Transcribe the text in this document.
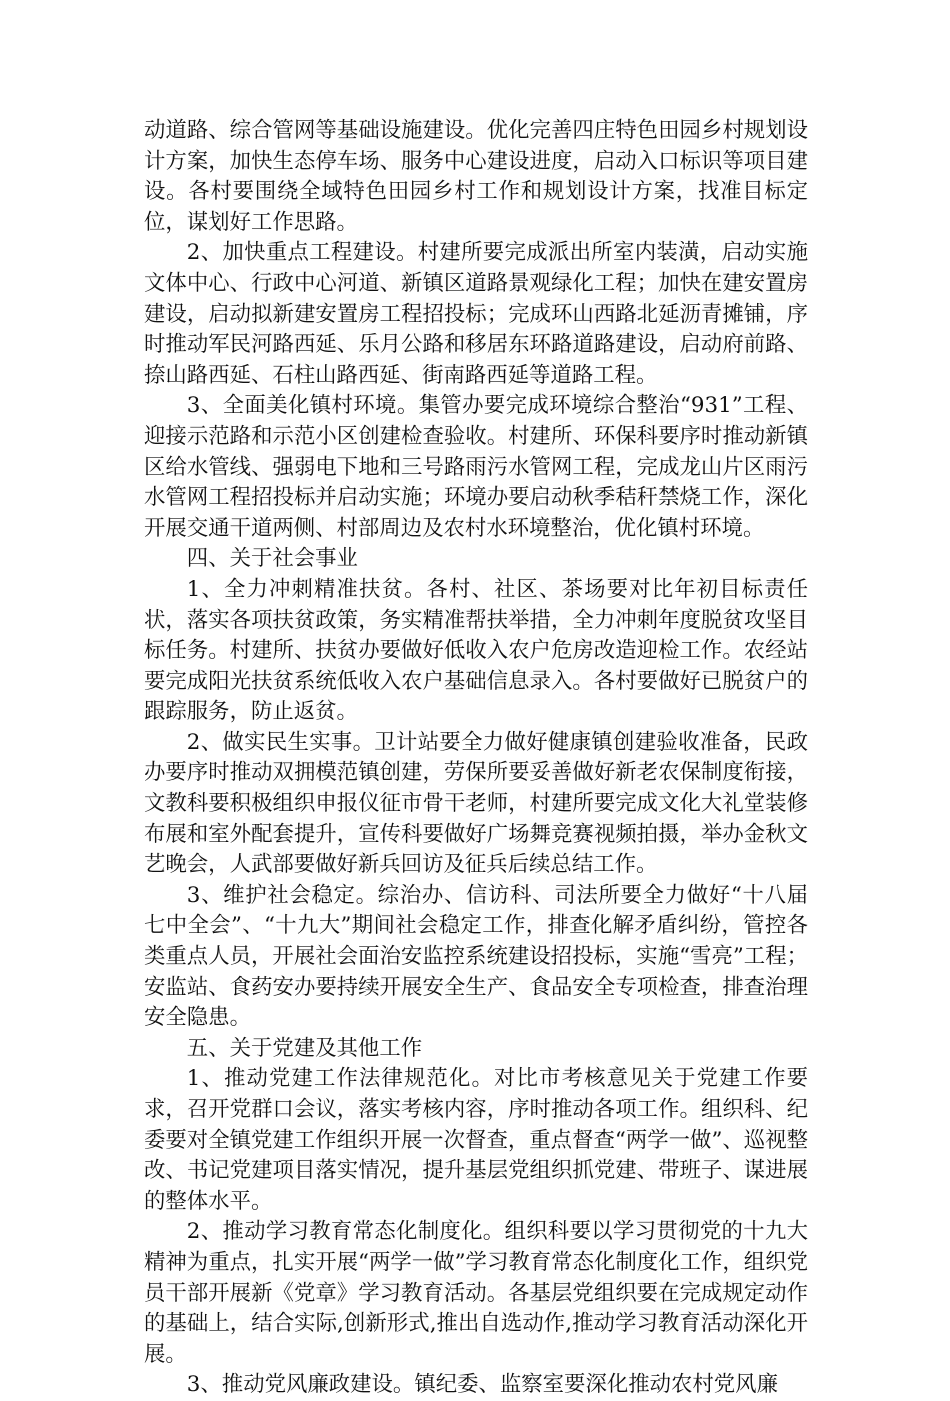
动道路、综合管网等基础设施建设。优化完善四庄特色田园乡村规划设计方案，加快生态停车场、服务中心建设进度，启动入口标识等项目建设。各村要围绕全域特色田园乡村工作和规划设计方案，找准目标定位，谋划好工作思路。

2、加快重点工程建设。村建所要完成派出所室内装潢，启动实施文体中心、行政中心河道、新镇区道路景观绿化工程；加快在建安置房建设，启动拟新建安置房工程招投标；完成环山西路北延沥青摊铺，序时推动军民河路西延、乐月公路和移居东环路道路建设，启动府前路、捺山路西延、石柱山路西延、街南路西延等道路工程。

3、全面美化镇村环境。集管办要完成环境综合整治“931”工程、迎接示范路和示范小区创建检查验收。村建所、环保科要序时推动新镇区给水管线、强弱电下地和三号路雨污水管网工程，完成龙山片区雨污水管网工程招投标并启动实施；环境办要启动秋季秸秆禁烧工作，深化开展交通干道两侧、村部周边及农村水环境整治，优化镇村环境。

四、关于社会事业

1、全力冲刺精准扶贫。各村、社区、茶场要对比年初目标责任状，落实各项扶贫政策，务实精准帮扶举措，全力冲刺年度脱贫攻坚目标任务。村建所、扶贫办要做好低收入农户危房改造迎检工作。农经站要完成阳光扶贫系统低收入农户基础信息录入。各村要做好已脱贫户的跟踪服务，防止返贫。

2、做实民生实事。卫计站要全力做好健康镇创建验收准备，民政办要序时推动双拥模范镇创建，劳保所要妥善做好新老农保制度衔接，文教科要积极组织申报仪征市骨干老师，村建所要完成文化大礼堂装修布展和室外配套提升，宣传科要做好广场舞竞赛视频拍摄，举办金秋文艺晚会，人武部要做好新兵回访及征兵后续总结工作。

3、维护社会稳定。综治办、信访科、司法所要全力做好“十八届七中全会”、“十九大”期间社会稳定工作，排查化解矛盾纠纷，管控各类重点人员，开展社会面治安监控系统建设招投标，实施“雪亮”工程；安监站、食药安办要持续开展安全生产、食品安全专项检查，排查治理安全隐患。

五、关于党建及其他工作

1、推动党建工作法律规范化。对比市考核意见关于党建工作要求，召开党群口会议，落实考核内容，序时推动各项工作。组织科、纪委要对全镇党建工作组织开展一次督查，重点督查“两学一做”、巡视整改、书记党建项目落实情况，提升基层党组织抓党建、带班子、谋进展的整体水平。

2、推动学习教育常态化制度化。组织科要以学习贯彻党的十九大精神为重点，扎实开展“两学一做”学习教育常态化制度化工作，组织党员干部开展新《党章》学习教育活动。各基层党组织要在完成规定动作的基础上，结合实际,创新形式,推出自选动作,推动学习教育活动深化开展。

3、推动党风廉政建设。镇纪委、监察室要深化推动农村党风廉
